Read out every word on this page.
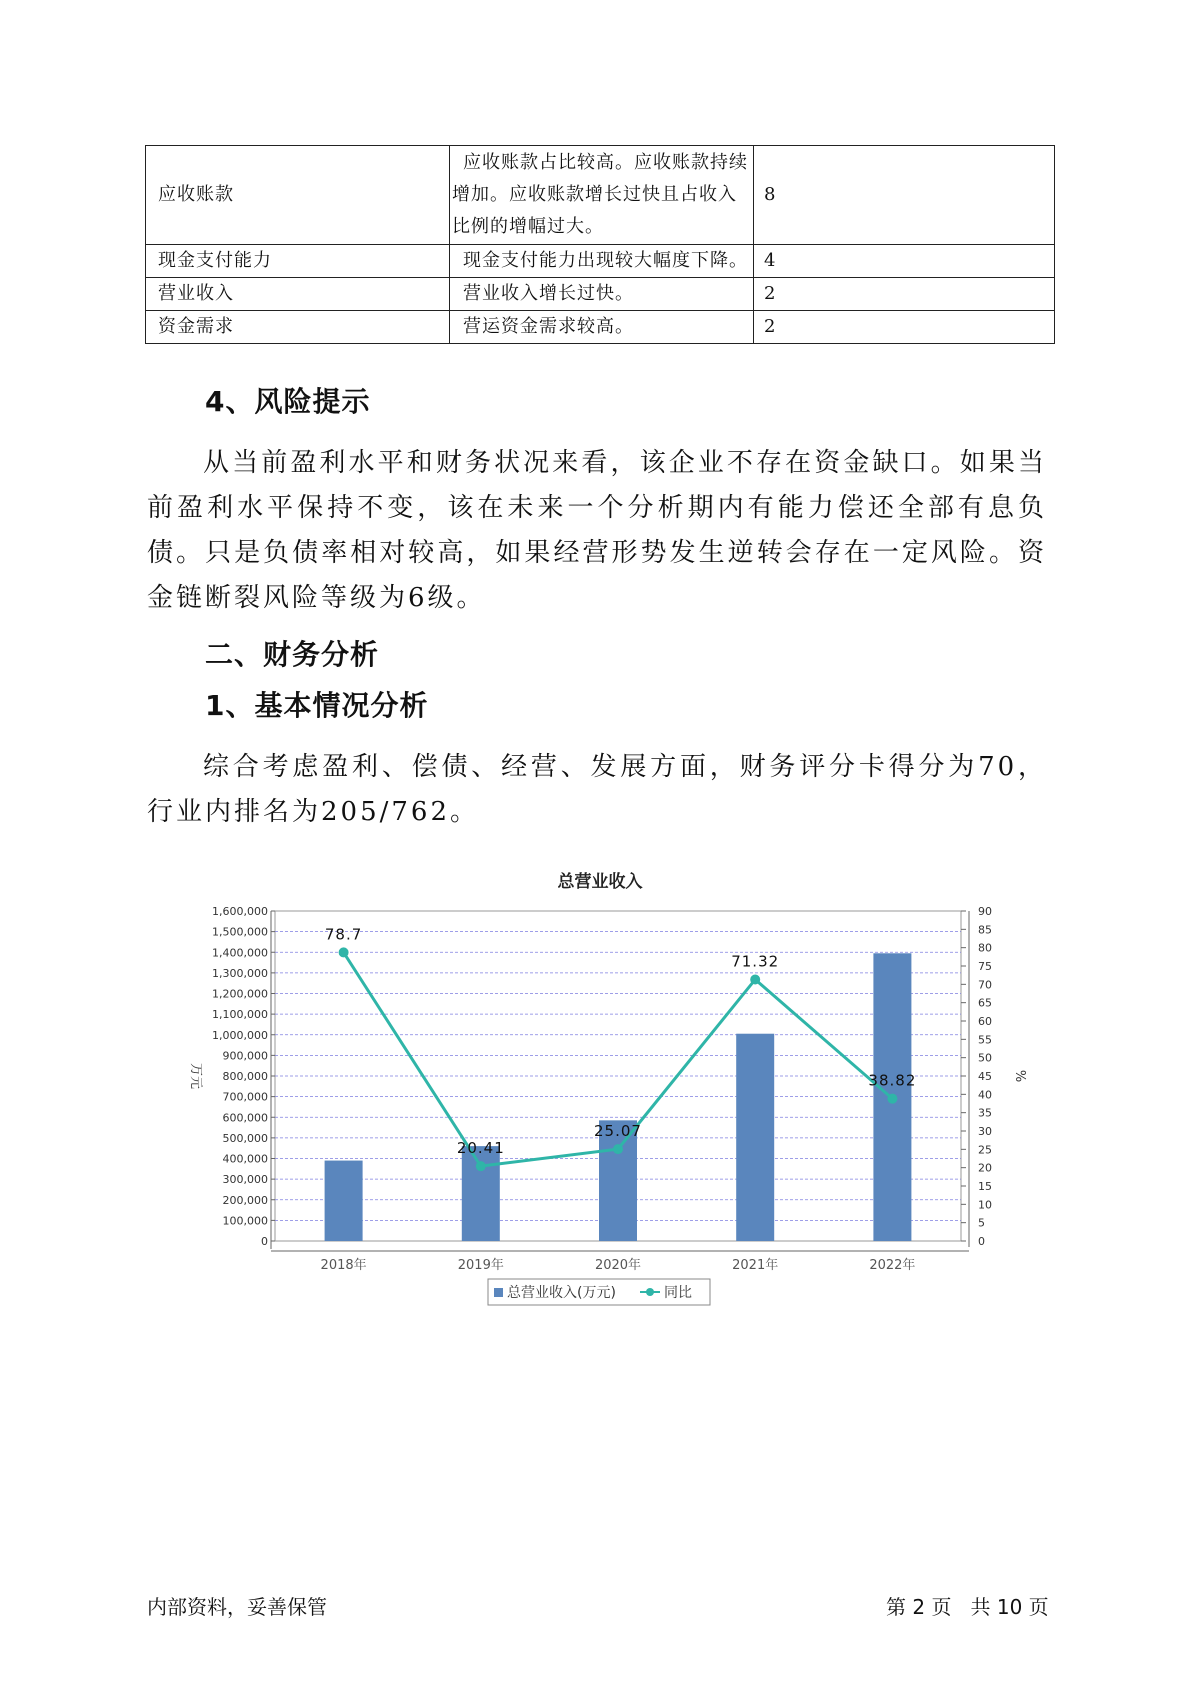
应收账款	应收账款占比较高。应收账款持续增加。应收账款增长过快且占收入比例的增幅过大。	8
现金支付能力	现金支付能力出现较大幅度下降。	4
营业收入	营业收入增长过快。	2
资金需求	营运资金需求较高。	2
4、风险提示

从当前盈利水平和财务状况来看，该企业不存在资金缺口。如果当前盈利水平保持不变，该在未来一个分析期内有能力偿还全部有息负债。只是负债率相对较高，如果经营形势发生逆转会存在一定风险。资金链断裂风险等级为6级。

二、财务分析
1、基本情况分析

综合考虑盈利、偿债、经营、发展方面，财务评分卡得分为70，行业内排名为205/762。

总营业收入
0
100,000
200,000
300,000
400,000
500,000
600,000
700,000
800,000
900,000
1,000,000
1,100,000
1,200,000
1,300,000
1,400,000
1,500,000
1,600,000
0
5
10
15
20
25
30
35
40
45
50
55
60
65
70
75
80
85
90
2018年	2019年	2020年	2021年	2022年
78.7
20.41
25.07
71.32
38.82
万元	%
总营业收入(万元)	同比
内部资料，妥善保管	第 2 页   共 10 页
